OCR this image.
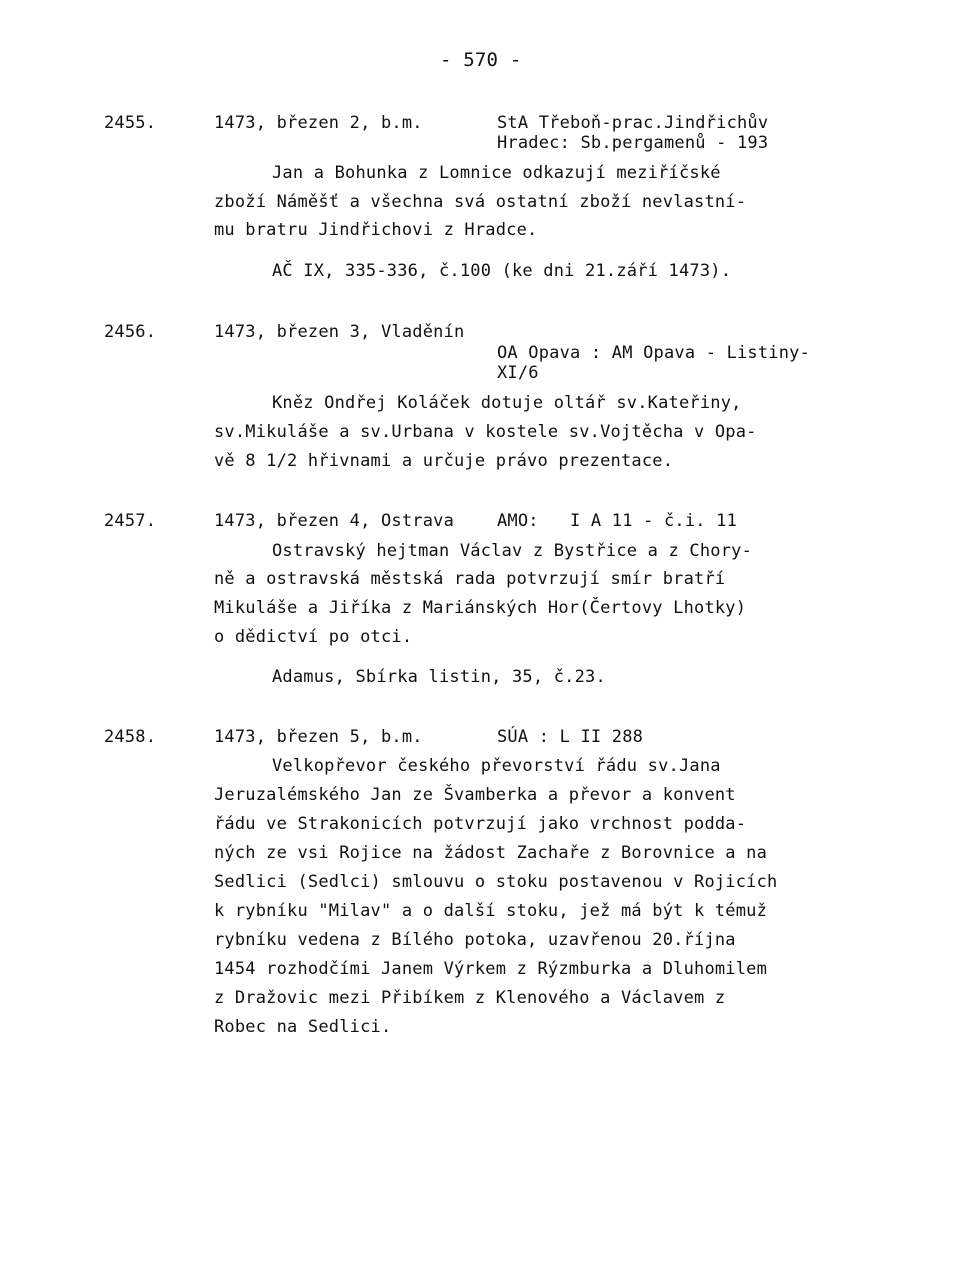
- 570 -
2455.	1473, březen 2, b.m.	StA Třeboň-prac.Jindřichův
Hradec: Sb.pergamenů - 193
Jan a Bohunka z Lomnice odkazují meziříčské
zboží Náměšť a všechna svá ostatní zboží nevlastní-
mu bratru Jindřichovi z Hradce.
AČ IX, 335-336, č.100 (ke dni 21.září 1473).
2456.	1473, březen 3, Vladěnín
OA Opava : AM Opava - Listiny-
XI/6
Kněz Ondřej Koláček dotuje oltář sv.Kateřiny,
sv.Mikuláše a sv.Urbana v kostele sv.Vojtěcha v Opa-
vě 8 1/2 hřivnami a určuje právo prezentace.
2457.	1473, březen 4, Ostrava	AMO:   I A 11 - č.i. 11
Ostravský hejtman Václav z Bystřice a z Chory-
ně a ostravská městská rada potvrzují smír bratří
Mikuláše a Jiříka z Mariánských Hor(Čertovy Lhotky)
o dědictví po otci.
Adamus, Sbírka listin, 35, č.23.
2458.	1473, březen 5, b.m.	SÚA : L II 288
Velkopřevor českého převorství řádu sv.Jana
Jeruzalémského Jan ze Švamberka a převor a konvent
řádu ve Strakonicích potvrzují jako vrchnost podda-
ných ze vsi Rojice na žádost Zachaře z Borovnice a na
Sedlici (Sedlci) smlouvu o stoku postavenou v Rojicích
k rybníku "Milav" a o další stoku, jež má být k témuž
rybníku vedena z Bílého potoka, uzavřenou 20.října
1454 rozhodčími Janem Výrkem z Rýzmburka a Dluhomilem
z Dražovic mezi Přibíkem z Klenového a Václavem z
Robec na Sedlici.
